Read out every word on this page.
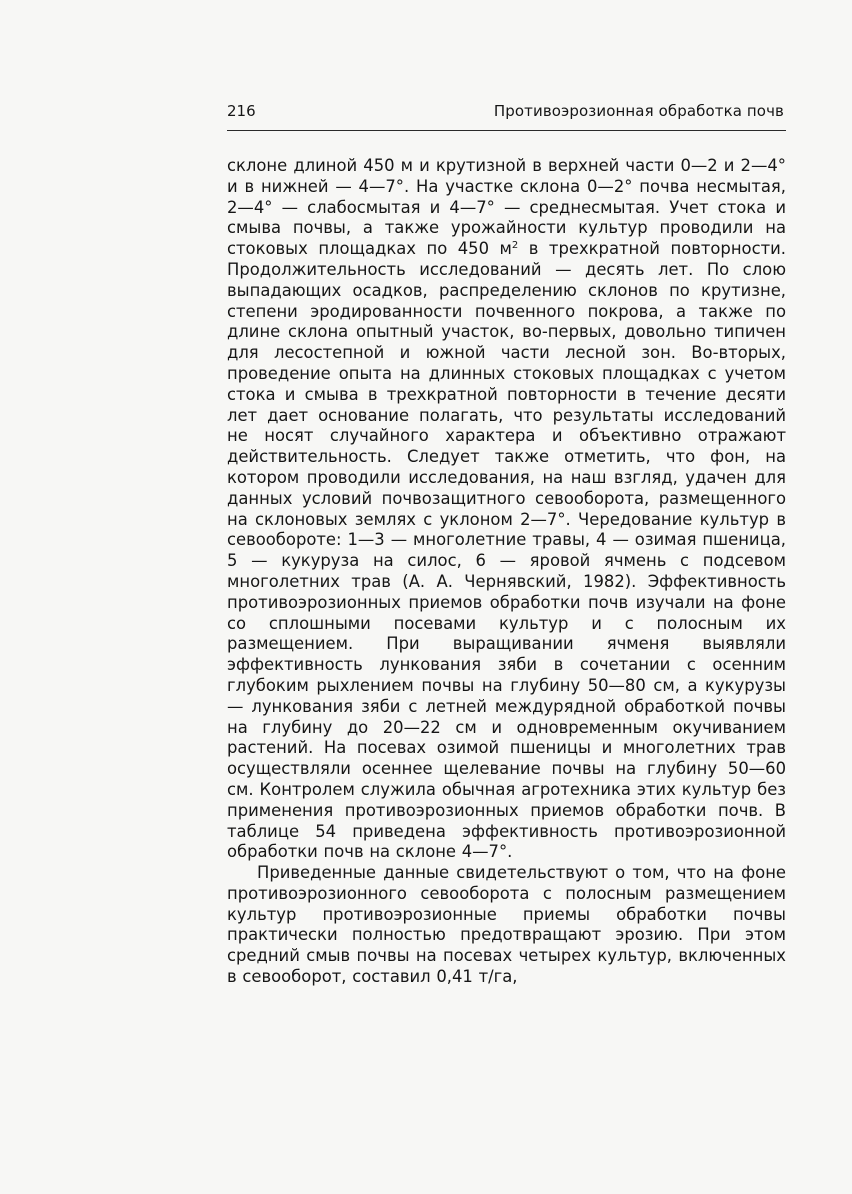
216	Противоэрозионная обработка почв

склоне длиной 450 м и крутизной в верхней части 0—2 и 2—4° и в нижней — 4—7°. На участке склона 0—2° почва несмытая, 2—4° — слабосмытая и 4—7° — среднесмытая. Учет стока и смыва почвы, а также урожайности культур проводили на стоковых площадках по 450 $м^2$ в трехкратной повторности. Продолжительность исследований — десять лет. По слою выпадающих осадков, распределению склонов по крутизне, степени эродированности почвенного покрова, а также по длине склона опытный участок, во-первых, довольно типичен для лесостепной и южной части лесной зон. Во-вторых, проведение опыта на длинных стоковых площадках с учетом стока и смыва в трехкратной повторности в течение десяти лет дает основание полагать, что результаты исследований не носят случайного характера и объективно отражают действительность. Следует также отметить, что фон, на котором проводили исследования, на наш взгляд, удачен для данных условий почвозащитного севооборота, размещенного на склоновых землях с уклоном 2—7°. Чередование культур в севообороте: 1—3 — многолетние травы, 4 — озимая пшеница, 5 — кукуруза на силос, 6 — яровой ячмень с подсевом многолетних трав (А. А. Чернявский, 1982). Эффективность противоэрозионных приемов обработки почв изучали на фоне со сплошными посевами культур и с полосным их размещением. При выращивании ячменя выявляли эффективность лункования зяби в сочетании с осенним глубоким рыхлением почвы на глубину 50—80 см, а кукурузы — лункования зяби с летней междурядной обработкой почвы на глубину до 20—22 см и одновременным окучиванием растений. На посевах озимой пшеницы и многолетних трав осуществляли осеннее щелевание почвы на глубину 50—60 см. Контролем служила обычная агротехника этих культур без применения противоэрозионных приемов обработки почв. В таблице 54 приведена эффективность противоэрозионной обработки почв на склоне 4—7°.

Приведенные данные свидетельствуют о том, что на фоне противоэрозионного севооборота с полосным размещением культур противоэрозионные приемы обработки почвы практически полностью предотвращают эрозию. При этом средний смыв почвы на посевах четырех культур, включенных в севооборот, составил 0,41 т/га,
